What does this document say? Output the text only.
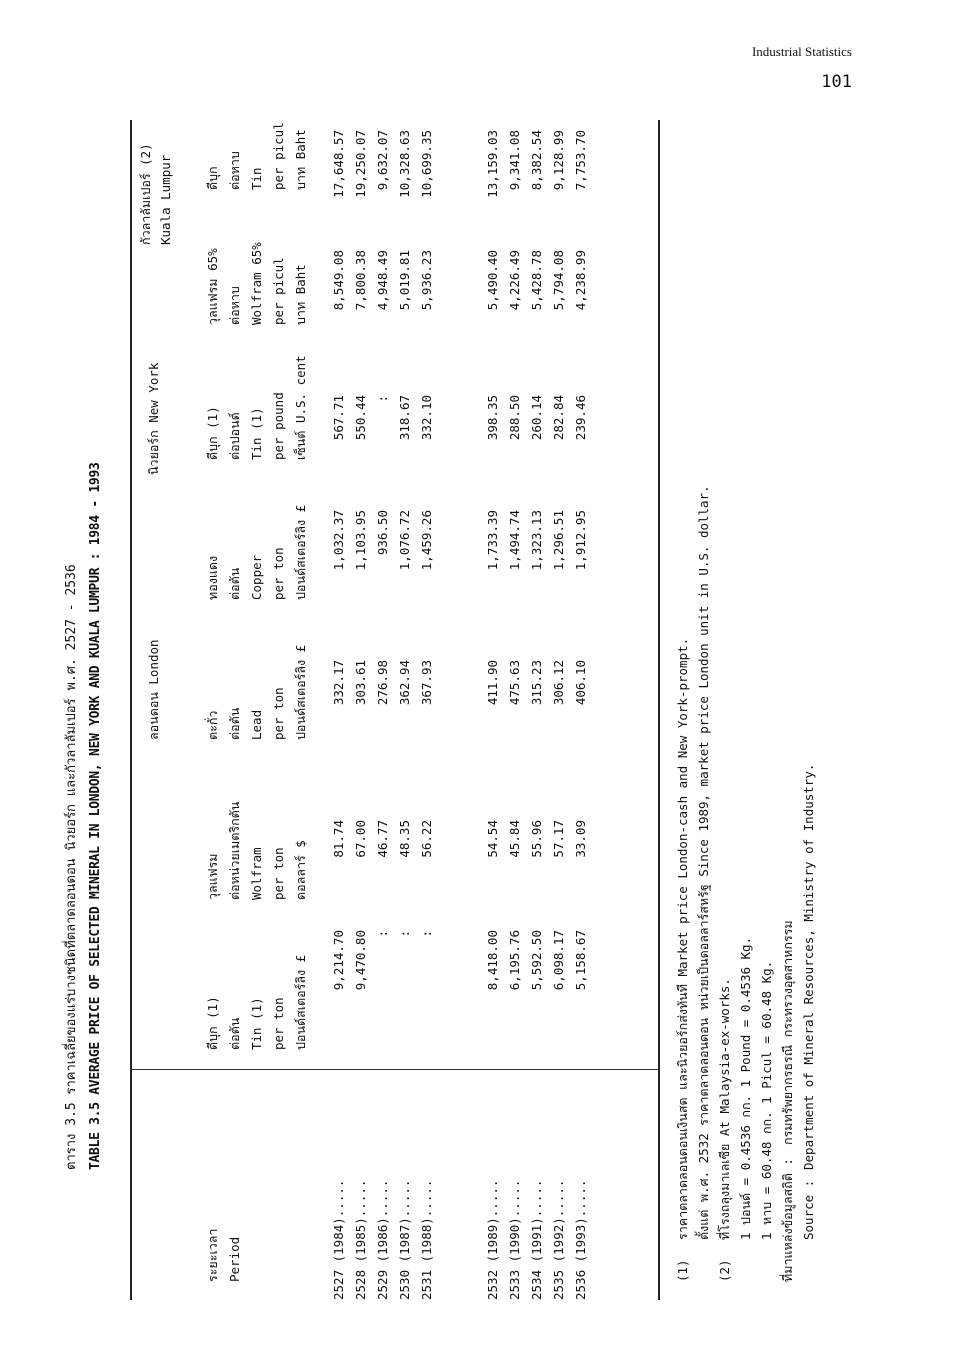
Industrial Statistics
101
ตาราง 3.5 ราคาเฉลี่ยของแร่บางชนิดที่ตลาดลอนดอน นิวยอร์ก และกัวลาลัมเปอร์ พ.ศ. 2527 - 2536 TABLE 3.5 AVERAGE PRICE OF SELECTED MINERAL IN LONDON, NEW YORK AND KUALA LUMPUR : 1984 - 1993	ลอนดอน London
นิวยอร์ก New York
กัวลาลัมเปอร์ (2) Kuala Lumpur
ระยะเวลา Period
ดีบุก (1) ต่อตัน Tin (1) per ton ปอนด์สเตอร์ลิง £
วุลแฟรม ต่อหน่วยเมตริกตัน Wolfram per ton ดอลลาร์ $
ตะกั่ว ต่อตัน Lead per ton ปอนด์สเตอร์ลิง £
ทองแดง ต่อตัน Copper per ton ปอนด์สเตอร์ลิง £
ดีบุก (1) ต่อปอนด์ Tin (1) per pound เซ็นต์ U.S. cent
วุลแฟรม 65% ต่อหาบ Wolfram 65% per picul บาท Baht
ดีบุก ต่อหาบ Tin per picul บาท Baht
2527 (1984).....
9,214.70
81.74
332.17
1,032.37
567.71
8,549.08
17,648.57
2528 (1985).....
9,470.80
67.00
303.61
1,103.95
550.44
7,800.38
19,250.07
2529 (1986).....
:
46.77
276.98
936.50
:
4,948.49
9,632.07
2530 (1987).....
:
48.35
362.94
1,076.72
318.67
5,019.81
10,328.63
2531 (1988).....
:
56.22
367.93
1,459.26
332.10
5,936.23
10,699.35
2532 (1989).....
8,418.00
54.54
411.90
1,733.39
398.35
5,490.40
13,159.03
2533 (1990).....
6,195.76
45.84
475.63
1,494.74
288.50
4,226.49
9,341.08
2534 (1991).....
5,592.50
55.96
315.23
1,323.13
260.14
5,428.78
8,382.54
2535 (1992).....
6,098.17
57.17
306.12
1,296.51
282.84
5,794.08
9,128.99
2536 (1993).....
5,158.67
33.09
406.10
1,912.95
239.46
4,238.99
7,753.70
(1)
ราคาตลาดลอนดอนเงินสด และนิวยอร์กส่งทันที Market price London-cash and New York-prompt. ตั้งแต่ พ.ศ. 2532 ราคาตลาดลอนดอน หน่วยเป็นดอลลาร์สหรัฐ Since 1989, market price London unit in U.S. dollar.
(2)
ที่โรงถลุงมาเลเซีย At Malaysia-ex-works. 1 ปอนด์ = 0.4536 กก. 1 Pound = 0.4536 Kg. 1 หาบ = 60.48 กก. 1 Picul = 60.48 Kg. ที่มาแหล่งข้อมูลสถิติ :
กรมทรัพยากรธรณี กระทรวงอุตสาหกรรม
Source :
Department of Mineral Resources, Ministry of Industry.
